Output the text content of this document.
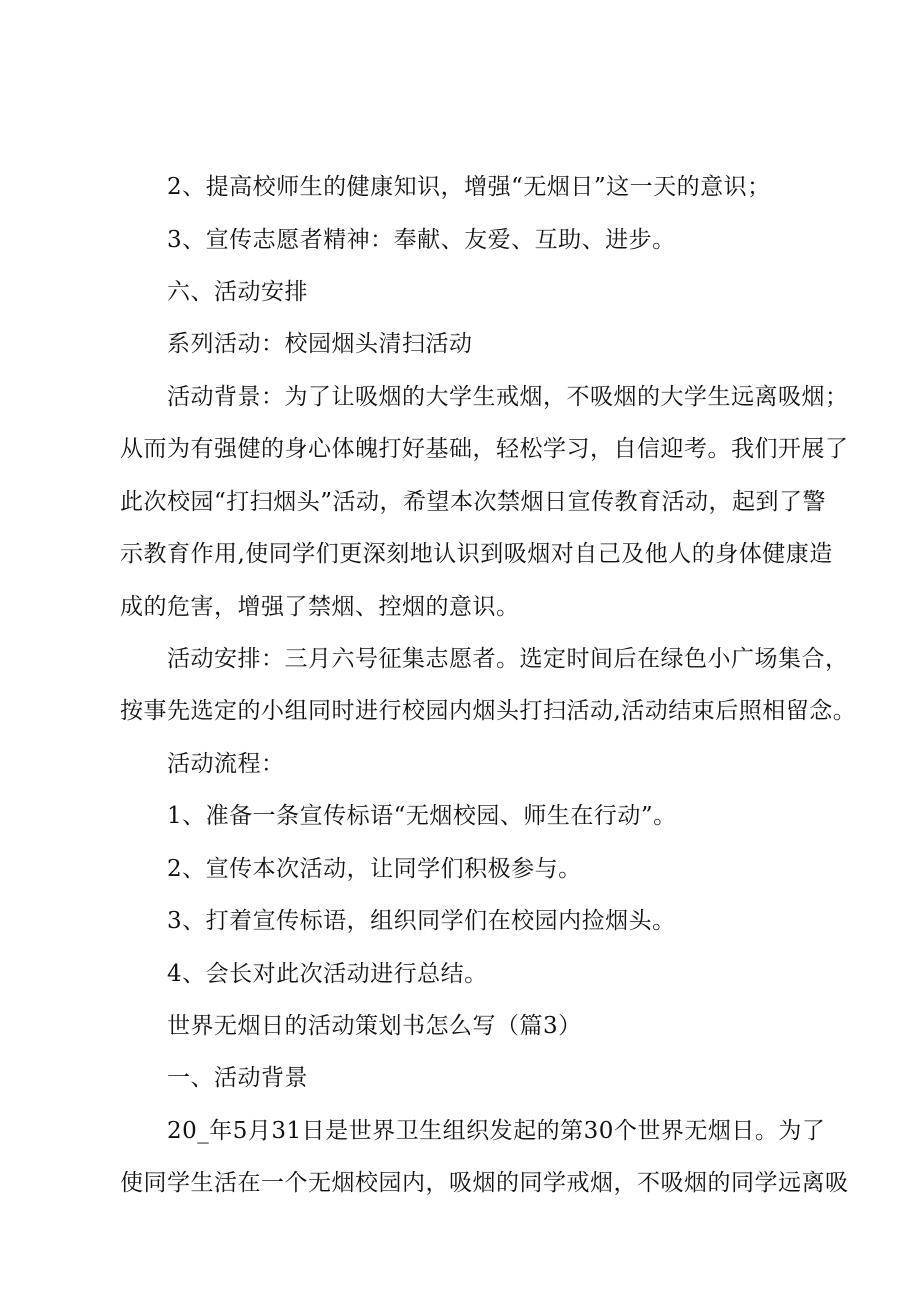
2、提高校师生的健康知识，增强“无烟日”这一天的意识；
3、宣传志愿者精神：奉献、友爱、互助、进步。
六、活动安排
系列活动：校园烟头清扫活动
活动背景：为了让吸烟的大学生戒烟，不吸烟的大学生远离吸烟；
从而为有强健的身心体魄打好基础，轻松学习，自信迎考。我们开展了
此次校园“打扫烟头”活动，希望本次禁烟日宣传教育活动，起到了警
示教育作用,使同学们更深刻地认识到吸烟对自己及他人的身体健康造
成的危害，增强了禁烟、控烟的意识。
活动安排：三月六号征集志愿者。选定时间后在绿色小广场集合，
按事先选定的小组同时进行校园内烟头打扫活动,活动结束后照相留念。
活动流程：
1、准备一条宣传标语“无烟校园、师生在行动”。
2、宣传本次活动，让同学们积极参与。
3、打着宣传标语，组织同学们在校园内捡烟头。
4、会长对此次活动进行总结。
世界无烟日的活动策划书怎么写（篇3）
一、活动背景
20_年5月31日是世界卫生组织发起的第30个世界无烟日。为了
使同学生活在一个无烟校园内，吸烟的同学戒烟，不吸烟的同学远离吸
